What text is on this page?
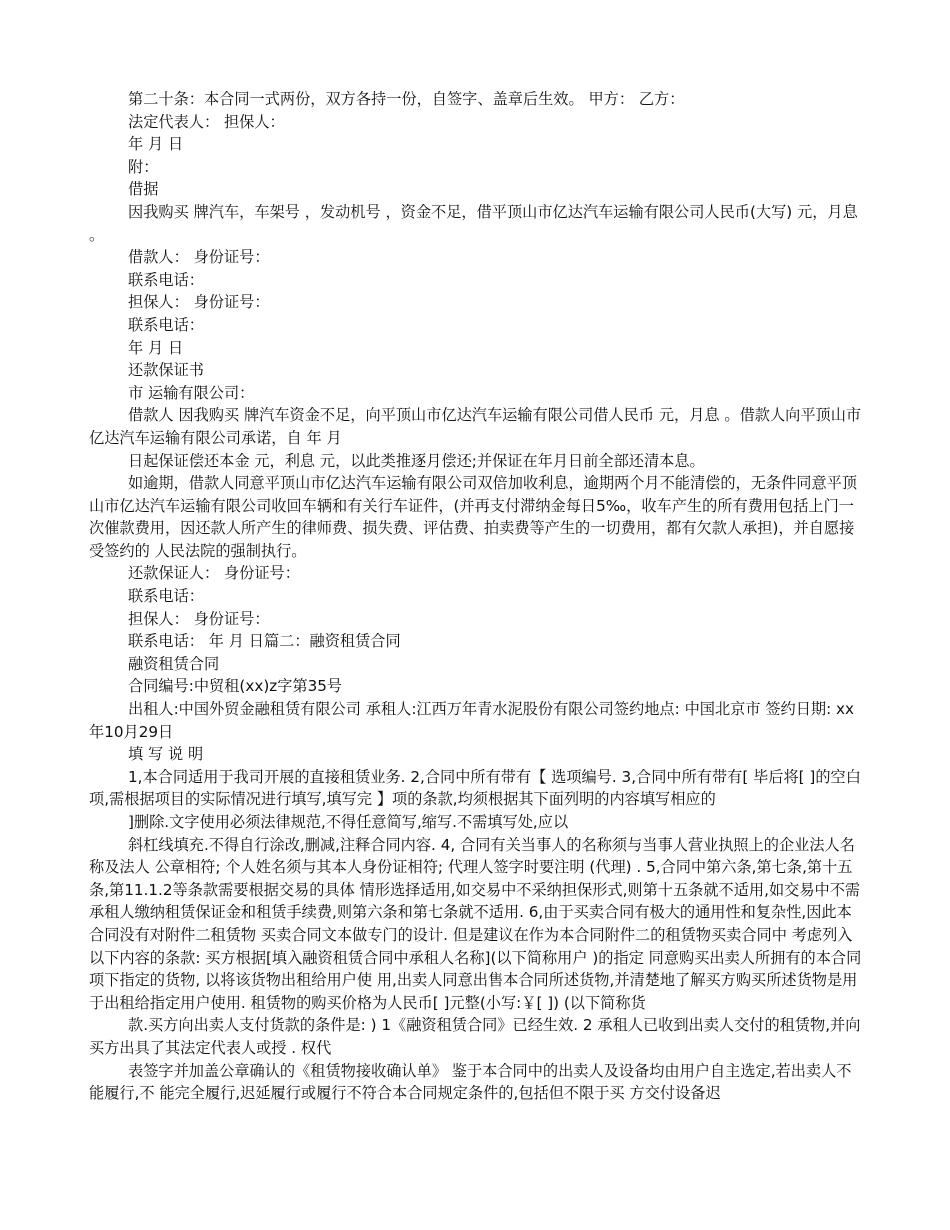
第二十条：本合同一式两份，双方各持一份，自签字、盖章后生效。 甲方： 乙方：

法定代表人： 担保人：

年 月 日

附：

借据

因我购买 牌汽车，车架号 ，发动机号 ，资金不足，借平顶山市亿达汽车运输有限公司人民币(大写) 元，月息 。

借款人： 身份证号：

联系电话：

担保人： 身份证号：

联系电话：

年 月 日

还款保证书

市 运输有限公司：

借款人 因我购买 牌汽车资金不足，向平顶山市亿达汽车运输有限公司借人民币 元，月息 。借款人向平顶山市亿达汽车运输有限公司承诺，自 年 月

日起保证偿还本金 元，利息 元，以此类推逐月偿还;并保证在年月日前全部还清本息。

如逾期，借款人同意平顶山市亿达汽车运输有限公司双倍加收利息，逾期两个月不能清偿的，无条件同意平顶山市亿达汽车运输有限公司收回车辆和有关行车证件，(并再支付滞纳金每日5‰，收车产生的所有费用包括上门一次催款费用，因还款人所产生的律师费、损失费、评估费、拍卖费等产生的一切费用，都有欠款人承担)，并自愿接受签约的 人民法院的强制执行。

还款保证人： 身份证号：

联系电话：

担保人： 身份证号：

联系电话： 年 月 日篇二：融资租赁合同

融资租赁合同

合同编号:中贸租(xx)z字第35号

出租人:中国外贸金融租赁有限公司 承租人:江西万年青水泥股份有限公司签约地点: 中国北京市 签约日期: xx年10月29日

填 写 说 明

1,本合同适用于我司开展的直接租赁业务. 2,合同中所有带有【 选项编号. 3,合同中所有带有[ 毕后将[ ]的空白项,需根据项目的实际情况进行填写,填写完 】项的条款,均须根据其下面列明的内容填写相应的

]删除.文字使用必须法律规范,不得任意简写,缩写.不需填写处,应以

斜杠线填充.不得自行涂改,删减,注释合同内容. 4, 合同有关当事人的名称须与当事人营业执照上的企业法人名称及法人 公章相符; 个人姓名须与其本人身份证相符; 代理人签字时要注明 (代理) . 5,合同中第六条,第七条,第十五条,第11.1.2等条款需要根据交易的具体 情形选择适用,如交易中不采纳担保形式,则第十五条就不适用,如交易中不需 承租人缴纳租赁保证金和租赁手续费,则第六条和第七条就不适用. 6,由于买卖合同有极大的通用性和复杂性,因此本合同没有对附件二租赁物 买卖合同文本做专门的设计. 但是建议在作为本合同附件二的租赁物买卖合同中 考虑列入以下内容的条款: 买方根据[填入融资租赁合同中承租人名称](以下简称用户 )的指定 同意购买出卖人所拥有的本合同项下指定的货物, 以将该货物出租给用户使 用,出卖人同意出售本合同所述货物,并清楚地了解买方购买所述货物是用 于出租给指定用户使用. 租赁物的购买价格为人民币[ ]元整(小写:￥[ ]) (以下简称货

款.买方向出卖人支付货款的条件是: ) 1《融资租赁合同》已经生效. 2 承租人已收到出卖人交付的租赁物,并向买方出具了其法定代表人或授 . 权代

表签字并加盖公章确认的《租赁物接收确认单》 鉴于本合同中的出卖人及设备均由用户自主选定,若出卖人不能履行,不 能完全履行,迟延履行或履行不符合本合同规定条件的,包括但不限于买 方交付设备迟
